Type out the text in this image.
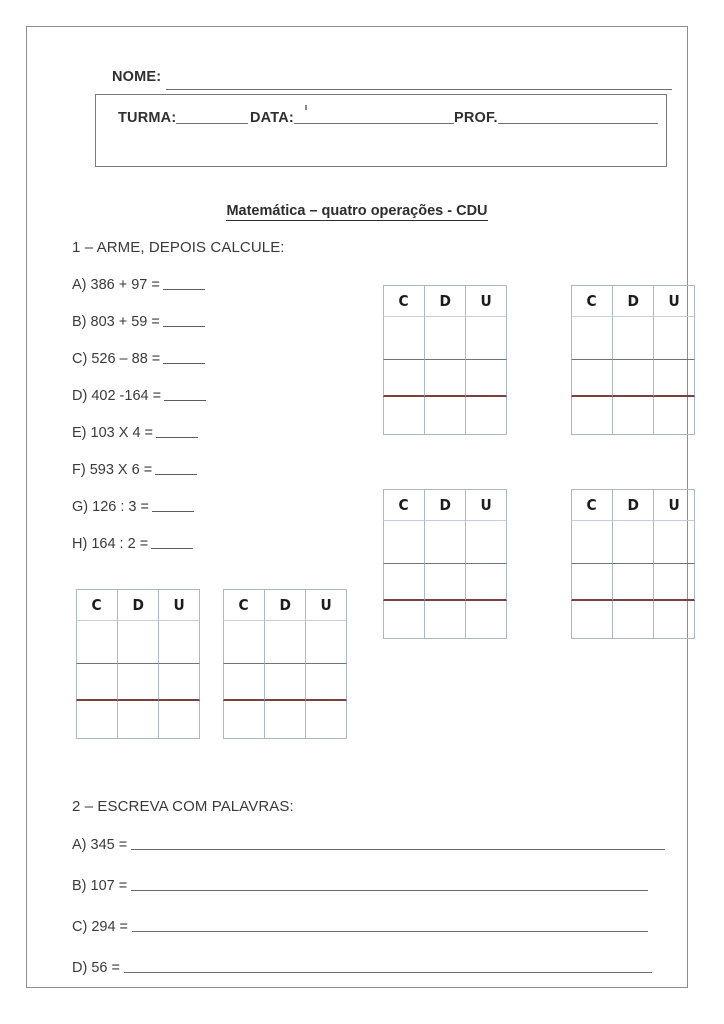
NOME:
TURMA:	DATA:	PROF.
Matemática – quatro operações - CDU
1 – ARME, DEPOIS CALCULE:
A) 386 + 97 =
B) 803 + 59 =
C) 526 – 88 =
D) 402 -164 =
E) 103 X 4 =
F) 593 X 6 =
G) 126 : 3 =
H) 164 : 2 =
C D U	C D U
C D U	C D U
C D U	C D U
2 – ESCREVA COM PALAVRAS:
A) 345 =
B) 107 =
C) 294 =
D) 56 =
